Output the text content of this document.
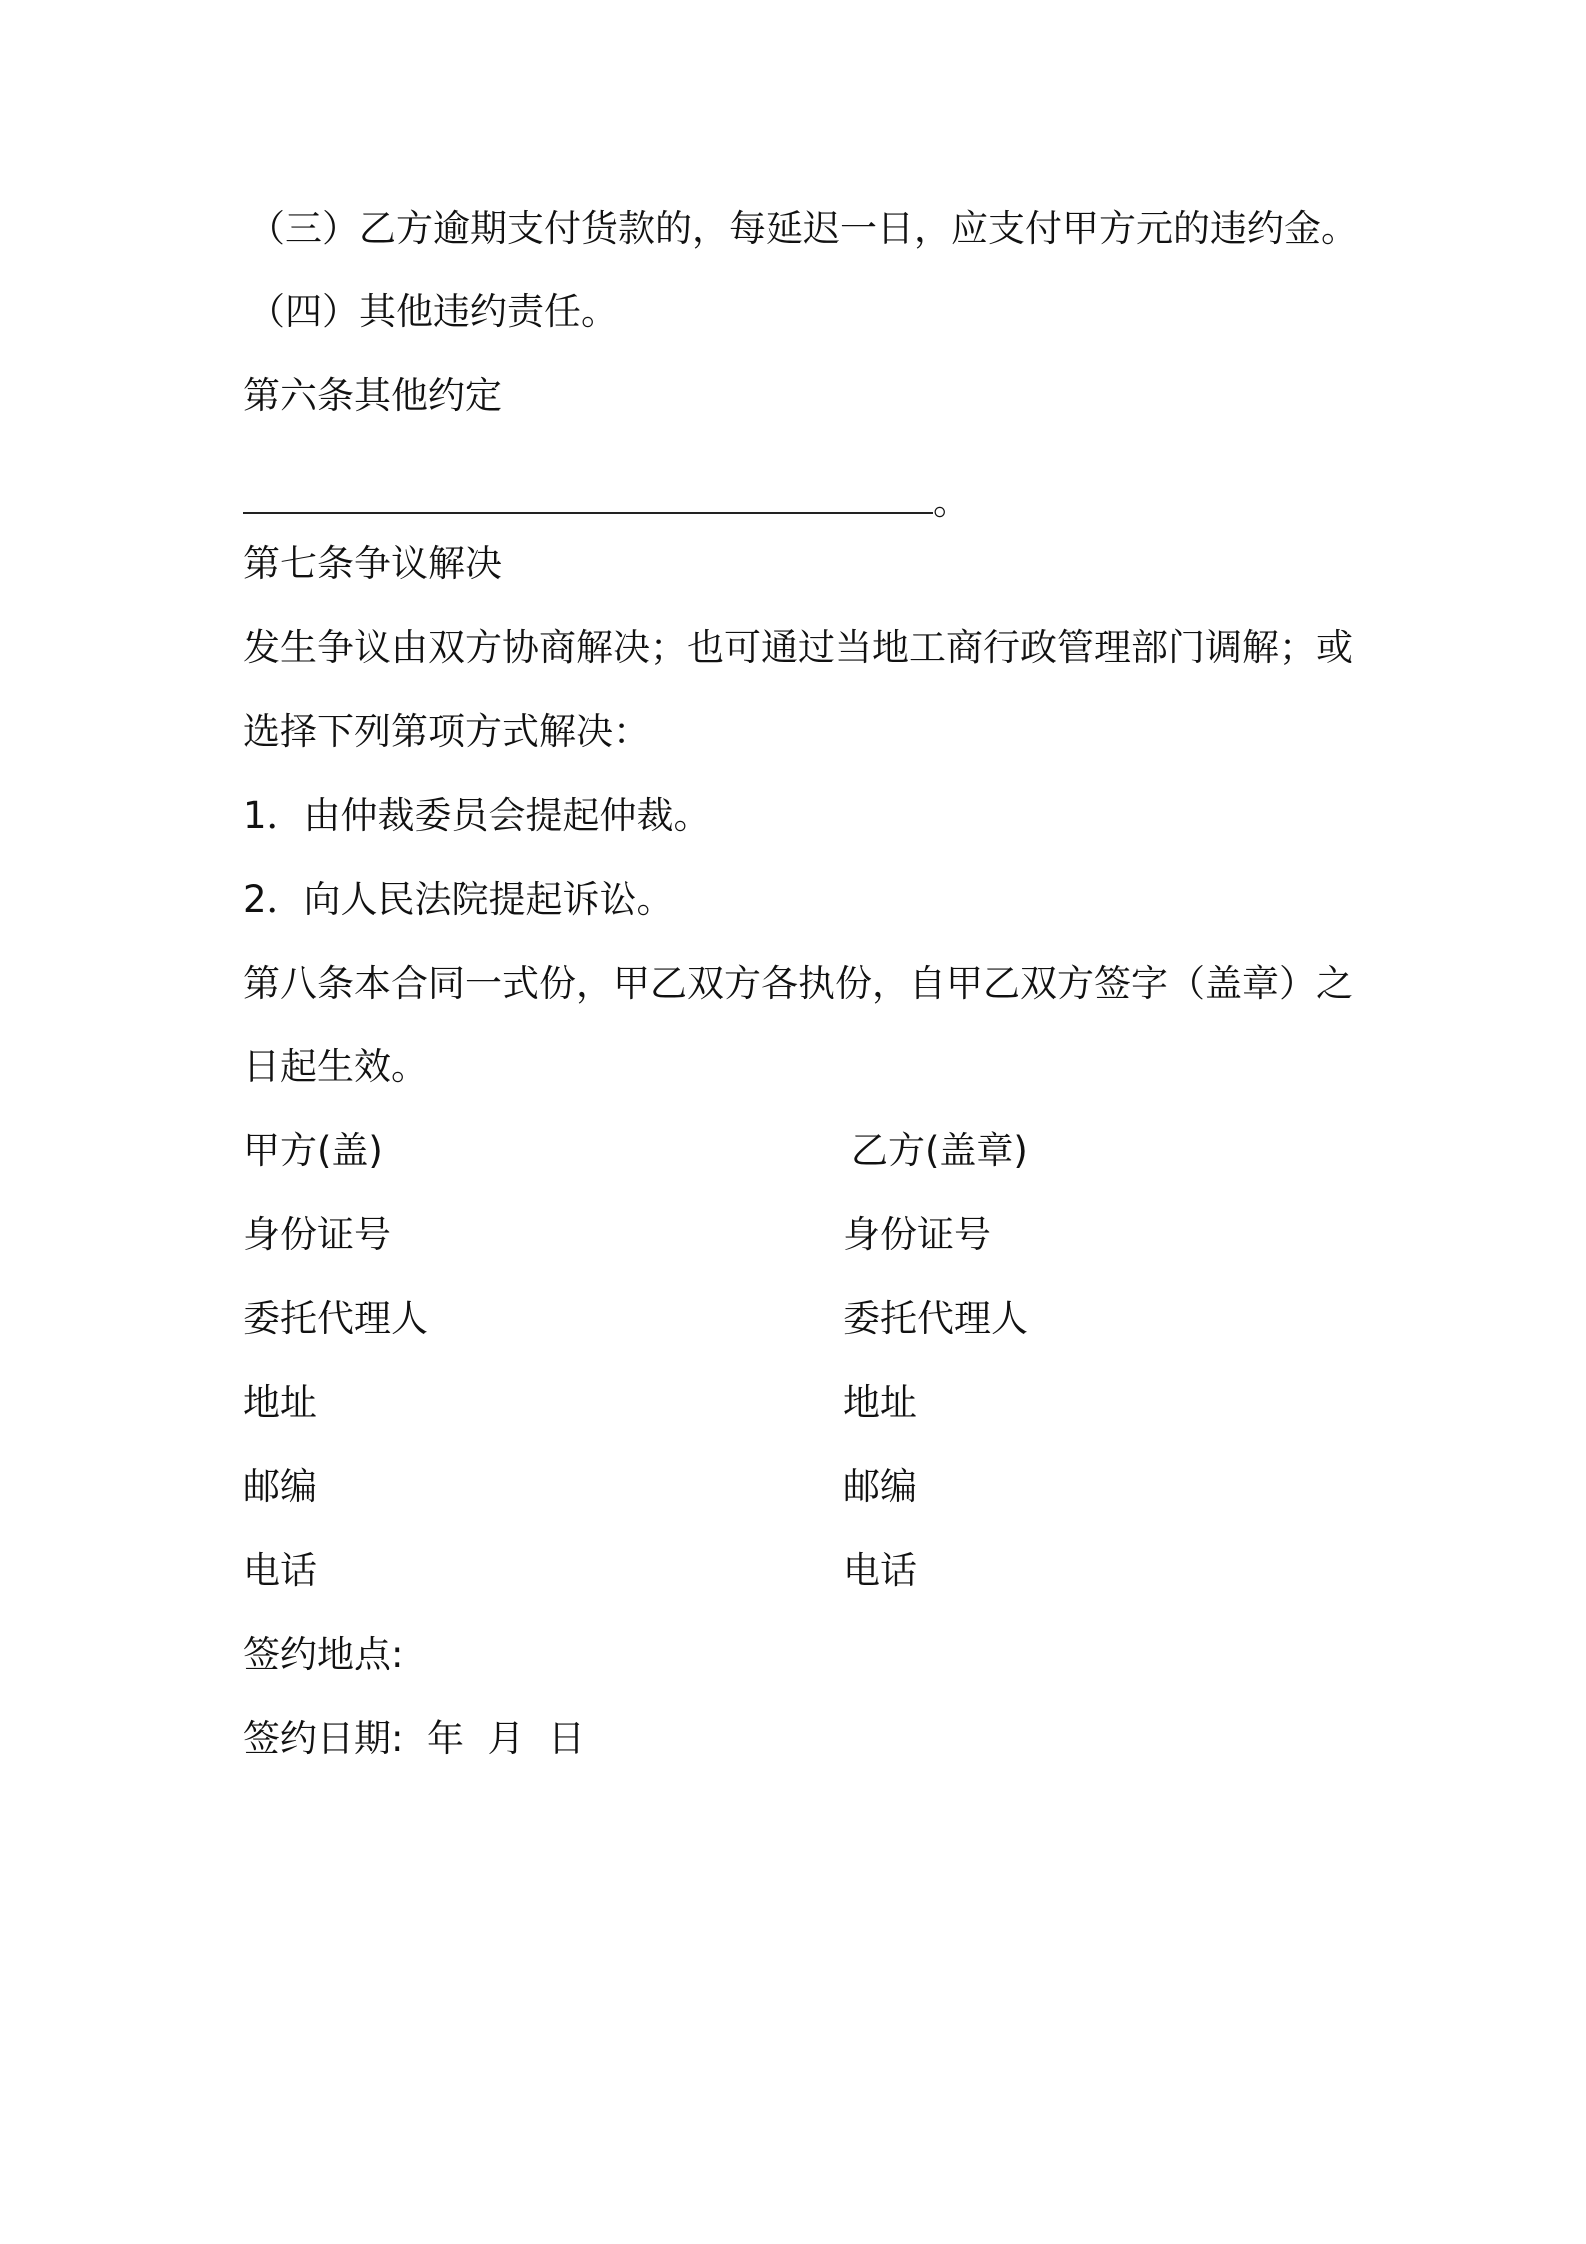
（三）乙方逾期支付货款的，每延迟一日，应支付甲方元的违约金。
（四）其他违约责任。
第六条其他约定
。
第七条争议解决
发生争议由双方协商解决；也可通过当地工商行政管理部门调解；或
选择下列第项方式解决：
1．由仲裁委员会提起仲裁。
2．向人民法院提起诉讼。
第八条本合同一式份，甲乙双方各执份，自甲乙双方签字（盖章）之
日起生效。
甲方(盖)	乙方(盖章)
身份证号	身份证号
委托代理人	委托代理人
地址	地址
邮编	邮编
电话	电话
签约地点:
签约日期:  年  月  日
